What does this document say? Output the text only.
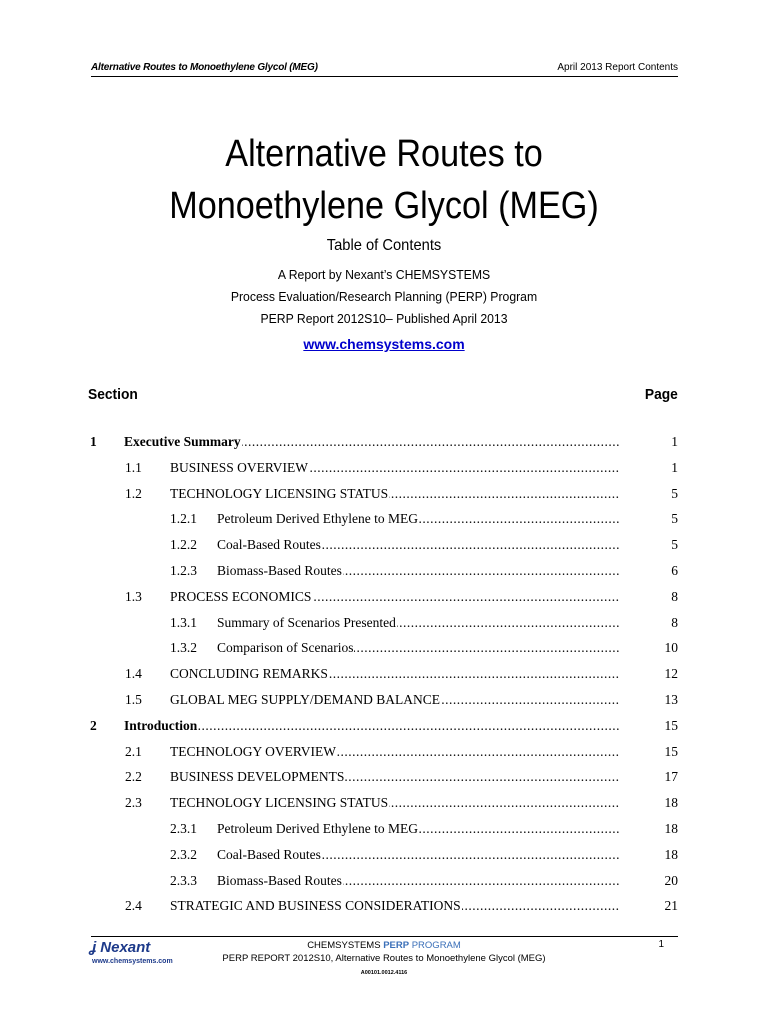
Alternative Routes to Monoethylene Glycol (MEG)	April 2013 Report Contents
Alternative Routes to
Monoethylene Glycol (MEG)
Table of Contents
A Report by Nexant’s CHEMSYSTEMS
Process Evaluation/Research Planning (PERP) Program
PERP Report 2012S10– Published April 2013
www.chemsystems.com
Section	Page
1 Executive Summary .....	1
1.1 BUSINESS OVERVIEW .....	1
1.2 TECHNOLOGY LICENSING STATUS .....	5
1.2.1 Petroleum Derived Ethylene to MEG .....	5
1.2.2 Coal-Based Routes .....	5
1.2.3 Biomass-Based Routes .....	6
1.3 PROCESS ECONOMICS .....	8
1.3.1 Summary of Scenarios Presented .....	8
1.3.2 Comparison of Scenarios .....	10
1.4 CONCLUDING REMARKS .....	12
1.5 GLOBAL MEG SUPPLY/DEMAND BALANCE .....	13
2 Introduction .....	15
2.1 TECHNOLOGY OVERVIEW .....	15
2.2 BUSINESS DEVELOPMENTS .....	17
2.3 TECHNOLOGY LICENSING STATUS .....	18
2.3.1 Petroleum Derived Ethylene to MEG .....	18
2.3.2 Coal-Based Routes .....	18
2.3.3 Biomass-Based Routes .....	20
2.4 STRATEGIC AND BUSINESS CONSIDERATIONS .....	21
ʝ Nexant
www.chemsystems.com
CHEMSYSTEMS PERP PROGRAM
PERP REPORT 2012S10, Alternative Routes to Monoethylene Glycol (MEG)
A00101.0012.4116
1
